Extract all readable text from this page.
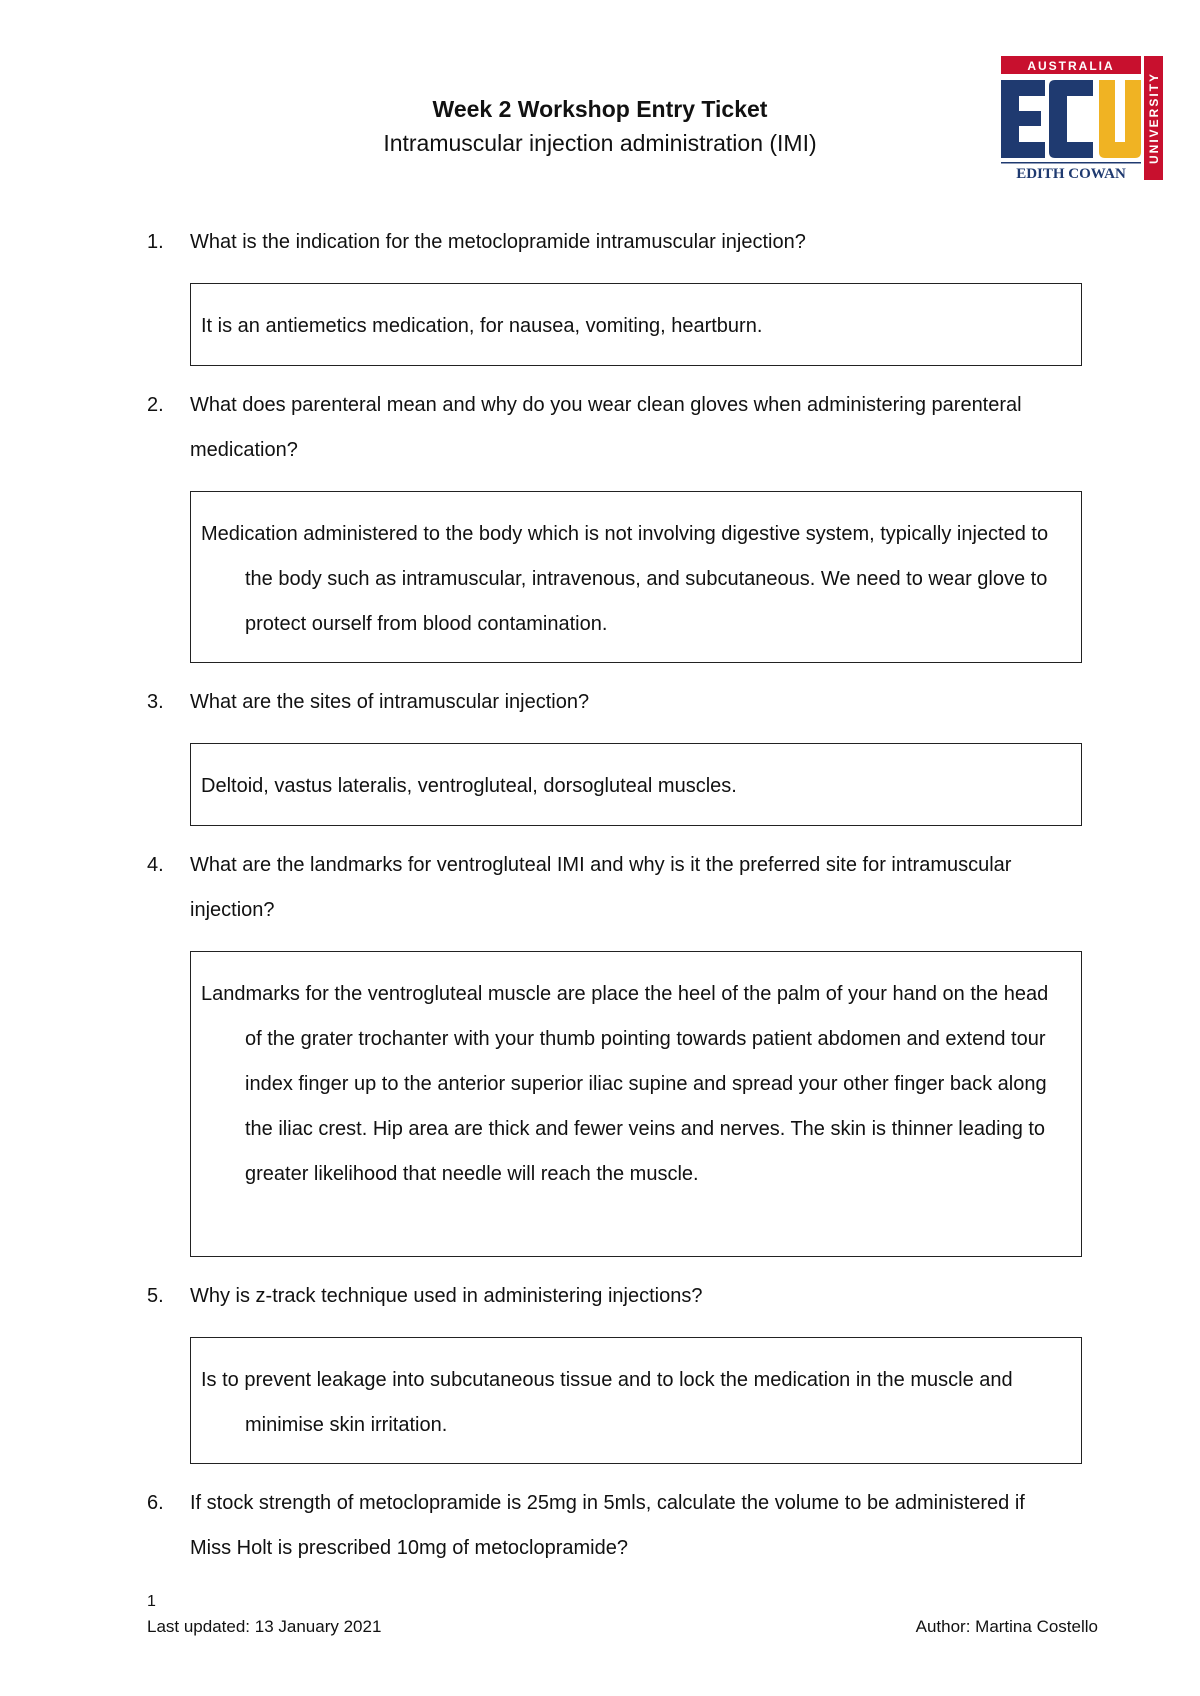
Week 2 Workshop Entry Ticket
Intramuscular injection administration (IMI)
AUSTRALIA
EDITH COWAN
UNIVERSITY
1.	What is the indication for the metoclopramide intramuscular injection?
It is an antiemetics medication, for nausea, vomiting, heartburn.
2.	What does parenteral mean and why do you wear clean gloves when administering parenteral medication?
Medication administered to the body which is not involving digestive system, typically injected to the body such as intramuscular, intravenous, and subcutaneous. We need to wear glove to protect ourself from blood contamination.
3.	What are the sites of intramuscular injection?
Deltoid, vastus lateralis, ventrogluteal, dorsogluteal muscles.
4.	What are the landmarks for ventrogluteal IMI and why is it the preferred site for intramuscular injection?
Landmarks for the ventrogluteal muscle are place the heel of the palm of your hand on the head of the grater trochanter with your thumb pointing towards patient abdomen and extend tour index finger up to the anterior superior iliac supine and spread your other finger back along the iliac crest. Hip area are thick and fewer veins and nerves. The skin is thinner leading to greater likelihood that needle will reach the muscle.
5.	Why is z-track technique used in administering injections?
Is to prevent leakage into subcutaneous tissue and to lock the medication in the muscle and minimise skin irritation.
6.	If stock strength of metoclopramide is 25mg in 5mls, calculate the volume to be administered if Miss Holt is prescribed 10mg of metoclopramide?
1
Last updated: 13 January 2021	Author: Martina Costello
